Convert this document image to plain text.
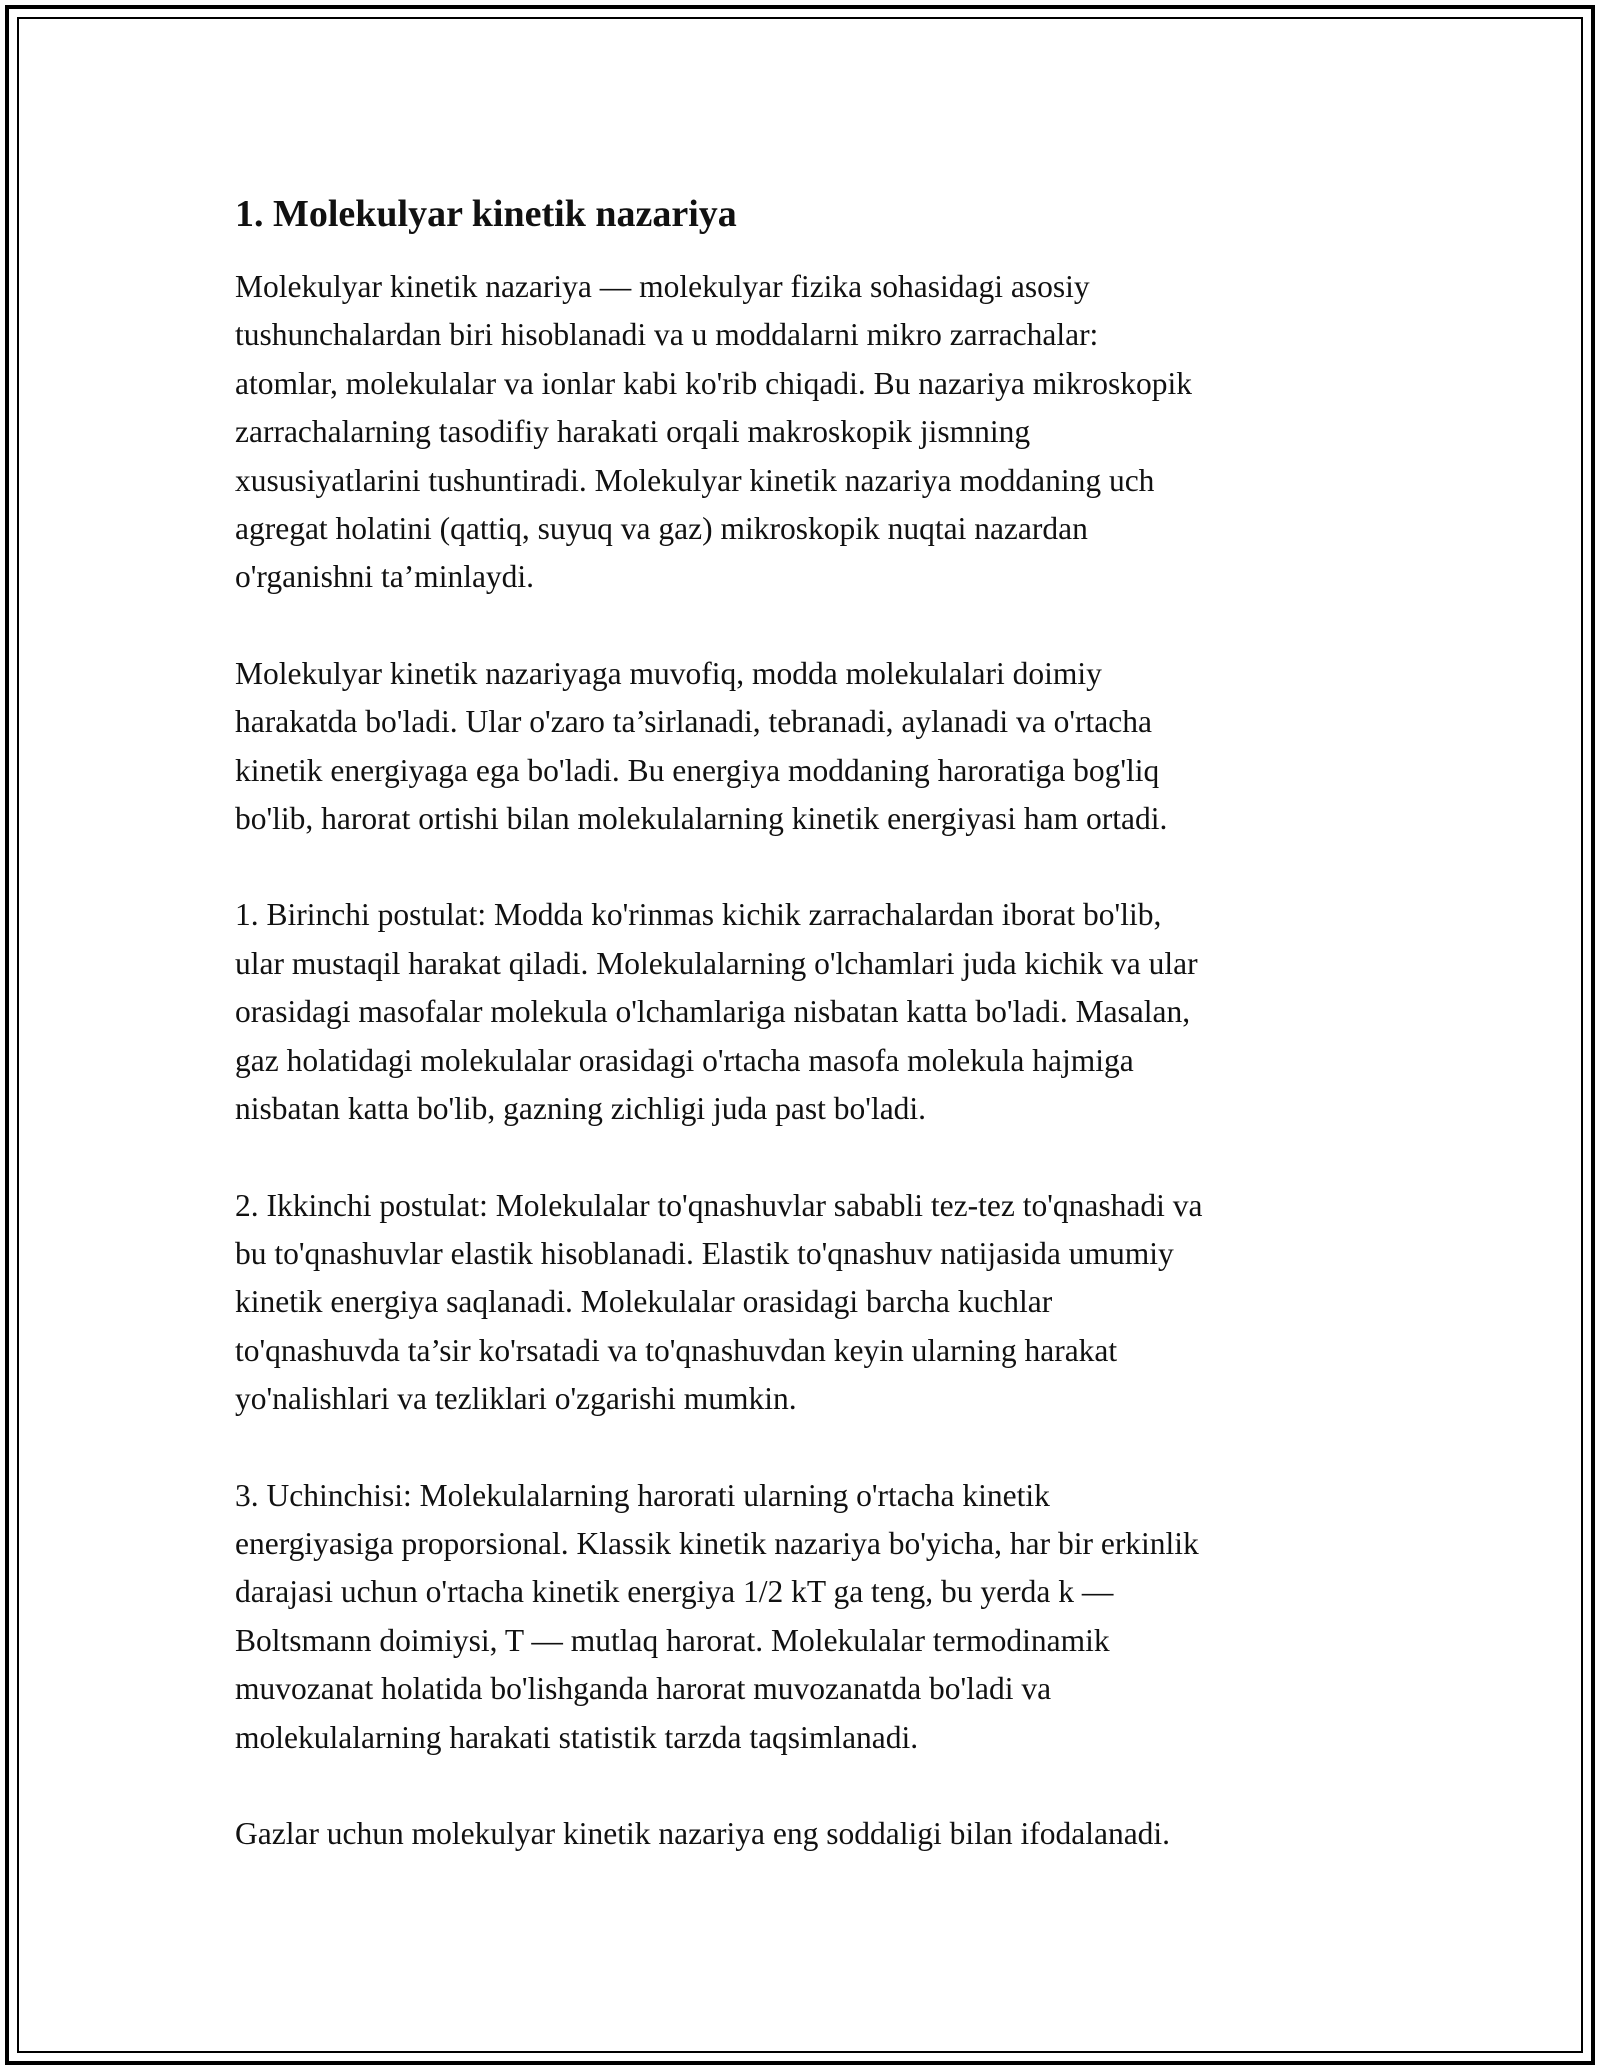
1. Molekulyar kinetik nazariya

Molekulyar kinetik nazariya — molekulyar fizika sohasidagi asosiy
tushunchalardan biri hisoblanadi va u moddalarni mikro zarrachalar:
atomlar, molekulalar va ionlar kabi ko'rib chiqadi. Bu nazariya mikroskopik
zarrachalarning tasodifiy harakati orqali makroskopik jismning
xususiyatlarini tushuntiradi. Molekulyar kinetik nazariya moddaning uch
agregat holatini (qattiq, suyuq va gaz) mikroskopik nuqtai nazardan
o'rganishni ta’minlaydi.

Molekulyar kinetik nazariyaga muvofiq, modda molekulalari doimiy
harakatda bo'ladi. Ular o'zaro ta’sirlanadi, tebranadi, aylanadi va o'rtacha
kinetik energiyaga ega bo'ladi. Bu energiya moddaning haroratiga bog'liq
bo'lib, harorat ortishi bilan molekulalarning kinetik energiyasi ham ortadi.

1. Birinchi postulat: Modda ko'rinmas kichik zarrachalardan iborat bo'lib,
ular mustaqil harakat qiladi. Molekulalarning o'lchamlari juda kichik va ular
orasidagi masofalar molekula o'lchamlariga nisbatan katta bo'ladi. Masalan,
gaz holatidagi molekulalar orasidagi o'rtacha masofa molekula hajmiga
nisbatan katta bo'lib, gazning zichligi juda past bo'ladi.

2. Ikkinchi postulat: Molekulalar to'qnashuvlar sababli tez-tez to'qnashadi va
bu to'qnashuvlar elastik hisoblanadi. Elastik to'qnashuv natijasida umumiy
kinetik energiya saqlanadi. Molekulalar orasidagi barcha kuchlar
to'qnashuvda ta’sir ko'rsatadi va to'qnashuvdan keyin ularning harakat
yo'nalishlari va tezliklari o'zgarishi mumkin.

3. Uchinchisi: Molekulalarning harorati ularning o'rtacha kinetik
energiyasiga proporsional. Klassik kinetik nazariya bo'yicha, har bir erkinlik
darajasi uchun o'rtacha kinetik energiya 1/2 kT ga teng, bu yerda k —
Boltsmann doimiysi, T — mutlaq harorat. Molekulalar termodinamik
muvozanat holatida bo'lishganda harorat muvozanatda bo'ladi va
molekulalarning harakati statistik tarzda taqsimlanadi.

Gazlar uchun molekulyar kinetik nazariya eng soddaligi bilan ifodalanadi.
